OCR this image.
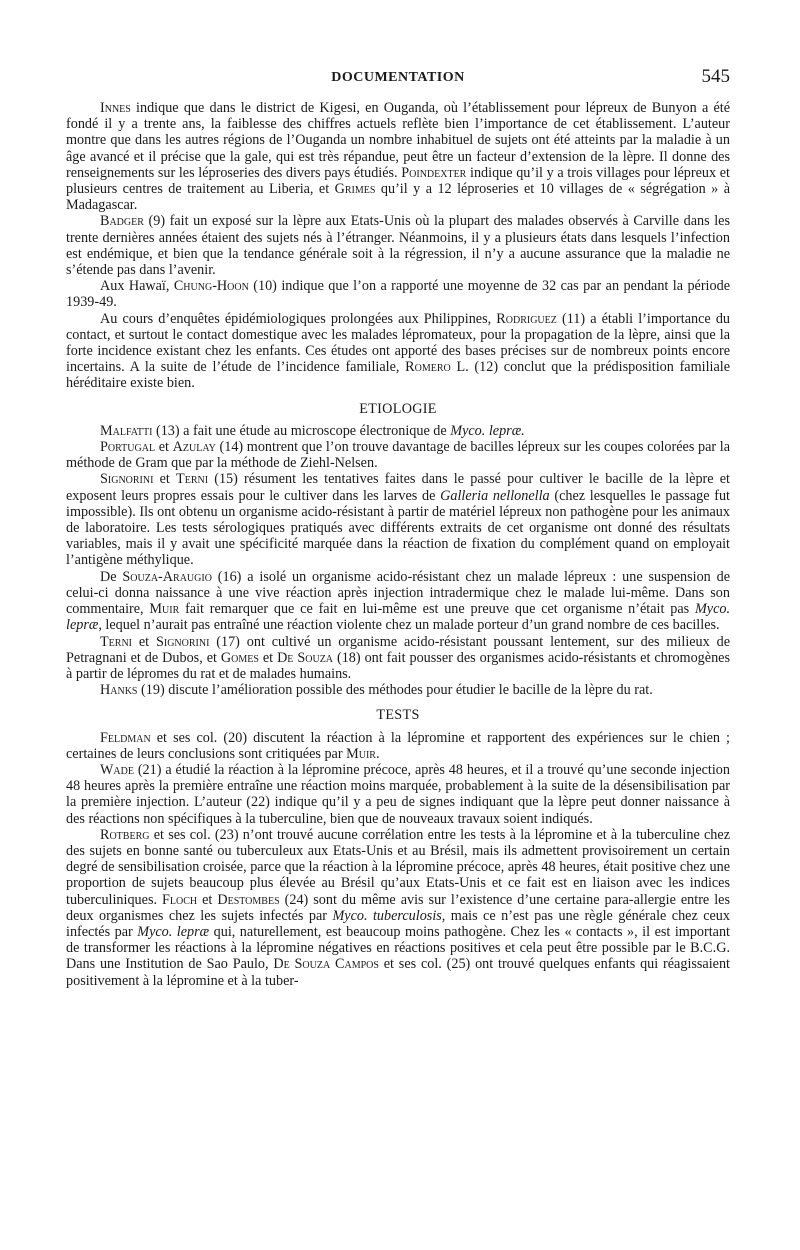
DOCUMENTATION	545

Innes indique que dans le district de Kigesi, en Ouganda, où l’établissement pour lépreux de Bunyon a été fondé il y a trente ans, la faiblesse des chiffres actuels reflète bien l’importance de cet établissement. L’auteur montre que dans les autres régions de l’Ouganda un nombre inhabituel de sujets ont été atteints par la maladie à un âge avancé et il précise que la gale, qui est très répandue, peut être un facteur d’extension de la lèpre. Il donne des renseignements sur les léproseries des divers pays étudiés. Poindexter indique qu’il y a trois villages pour lépreux et plusieurs centres de traitement au Liberia, et Grimes qu’il y a 12 léproseries et 10 villages de « ségrégation » à Madagascar.

Badger (9) fait un exposé sur la lèpre aux Etats-Unis où la plupart des malades observés à Carville dans les trente dernières années étaient des sujets nés à l’étranger. Néanmoins, il y a plusieurs états dans lesquels l’infection est endémique, et bien que la tendance générale soit à la régression, il n’y a aucune assurance que la maladie ne s’étende pas dans l’avenir.

Aux Hawaï, Chung-Hoon (10) indique que l’on a rapporté une moyenne de 32 cas par an pendant la période 1939-49.

Au cours d’enquêtes épidémiologiques prolongées aux Philippines, Rodriguez (11) a établi l’importance du contact, et surtout le contact domestique avec les malades lépromateux, pour la propagation de la lèpre, ainsi que la forte incidence existant chez les enfants. Ces études ont apporté des bases précises sur de nombreux points encore incertains. A la suite de l’étude de l’incidence familiale, Romero L. (12) conclut que la prédisposition familiale héréditaire existe bien.

ETIOLOGIE

Malfatti (13) a fait une étude au microscope électronique de Myco. lepræ.

Portugal et Azulay (14) montrent que l’on trouve davantage de bacilles lépreux sur les coupes colorées par la méthode de Gram que par la méthode de Ziehl-Nelsen.

Signorini et Terni (15) résument les tentatives faites dans le passé pour cultiver le bacille de la lèpre et exposent leurs propres essais pour le cultiver dans les larves de Galleria nellonella (chez lesquelles le passage fut impossible). Ils ont obtenu un organisme acido-résistant à partir de matériel lépreux non pathogène pour les animaux de laboratoire. Les tests sérologiques pratiqués avec différents extraits de cet organisme ont donné des résultats variables, mais il y avait une spécificité marquée dans la réaction de fixation du complément quand on employait l’antigène méthylique.

De Souza-Araugio (16) a isolé un organisme acido-résistant chez un malade lépreux : une suspension de celui-ci donna naissance à une vive réaction après injection intradermique chez le malade lui-même. Dans son commentaire, Muir fait remarquer que ce fait en lui-même est une preuve que cet organisme n’était pas Myco. lepræ, lequel n’aurait pas entraîné une réaction violente chez un malade porteur d’un grand nombre de ces bacilles.

Terni et Signorini (17) ont cultivé un organisme acido-résistant poussant lentement, sur des milieux de Petragnani et de Dubos, et Gomes et De Souza (18) ont fait pousser des organismes acido-résistants et chromogènes à partir de lépromes du rat et de malades humains.

Hanks (19) discute l’amélioration possible des méthodes pour étudier le bacille de la lèpre du rat.

TESTS

Feldman et ses col. (20) discutent la réaction à la lépromine et rapportent des expériences sur le chien ; certaines de leurs conclusions sont critiquées par Muir.

Wade (21) a étudié la réaction à la lépromine précoce, après 48 heures, et il a trouvé qu’une seconde injection 48 heures après la première entraîne une réaction moins marquée, probablement à la suite de la désensibilisation par la première injection. L’auteur (22) indique qu’il y a peu de signes indiquant que la lèpre peut donner naissance à des réactions non spécifiques à la tuberculine, bien que de nouveaux travaux soient indiqués.

Rotberg et ses col. (23) n’ont trouvé aucune corrélation entre les tests à la lépromine et à la tuberculine chez des sujets en bonne santé ou tuberculeux aux Etats-Unis et au Brésil, mais ils admettent provisoirement un certain degré de sensibilisation croisée, parce que la réaction à la lépromine précoce, après 48 heures, était positive chez une proportion de sujets beaucoup plus élevée au Brésil qu’aux Etats-Unis et ce fait est en liaison avec les indices tuberculiniques. Floch et Destombes (24) sont du même avis sur l’existence d’une certaine para-allergie entre les deux organismes chez les sujets infectés par Myco. tuberculosis, mais ce n’est pas une règle générale chez ceux infectés par Myco. lepræ qui, naturellement, est beaucoup moins pathogène. Chez les « contacts », il est important de transformer les réactions à la lépromine négatives en réactions positives et cela peut être possible par le B.C.G. Dans une Institution de Sao Paulo, De Souza Campos et ses col. (25) ont trouvé quelques enfants qui réagissaient positivement à la lépromine et à la tuber-
